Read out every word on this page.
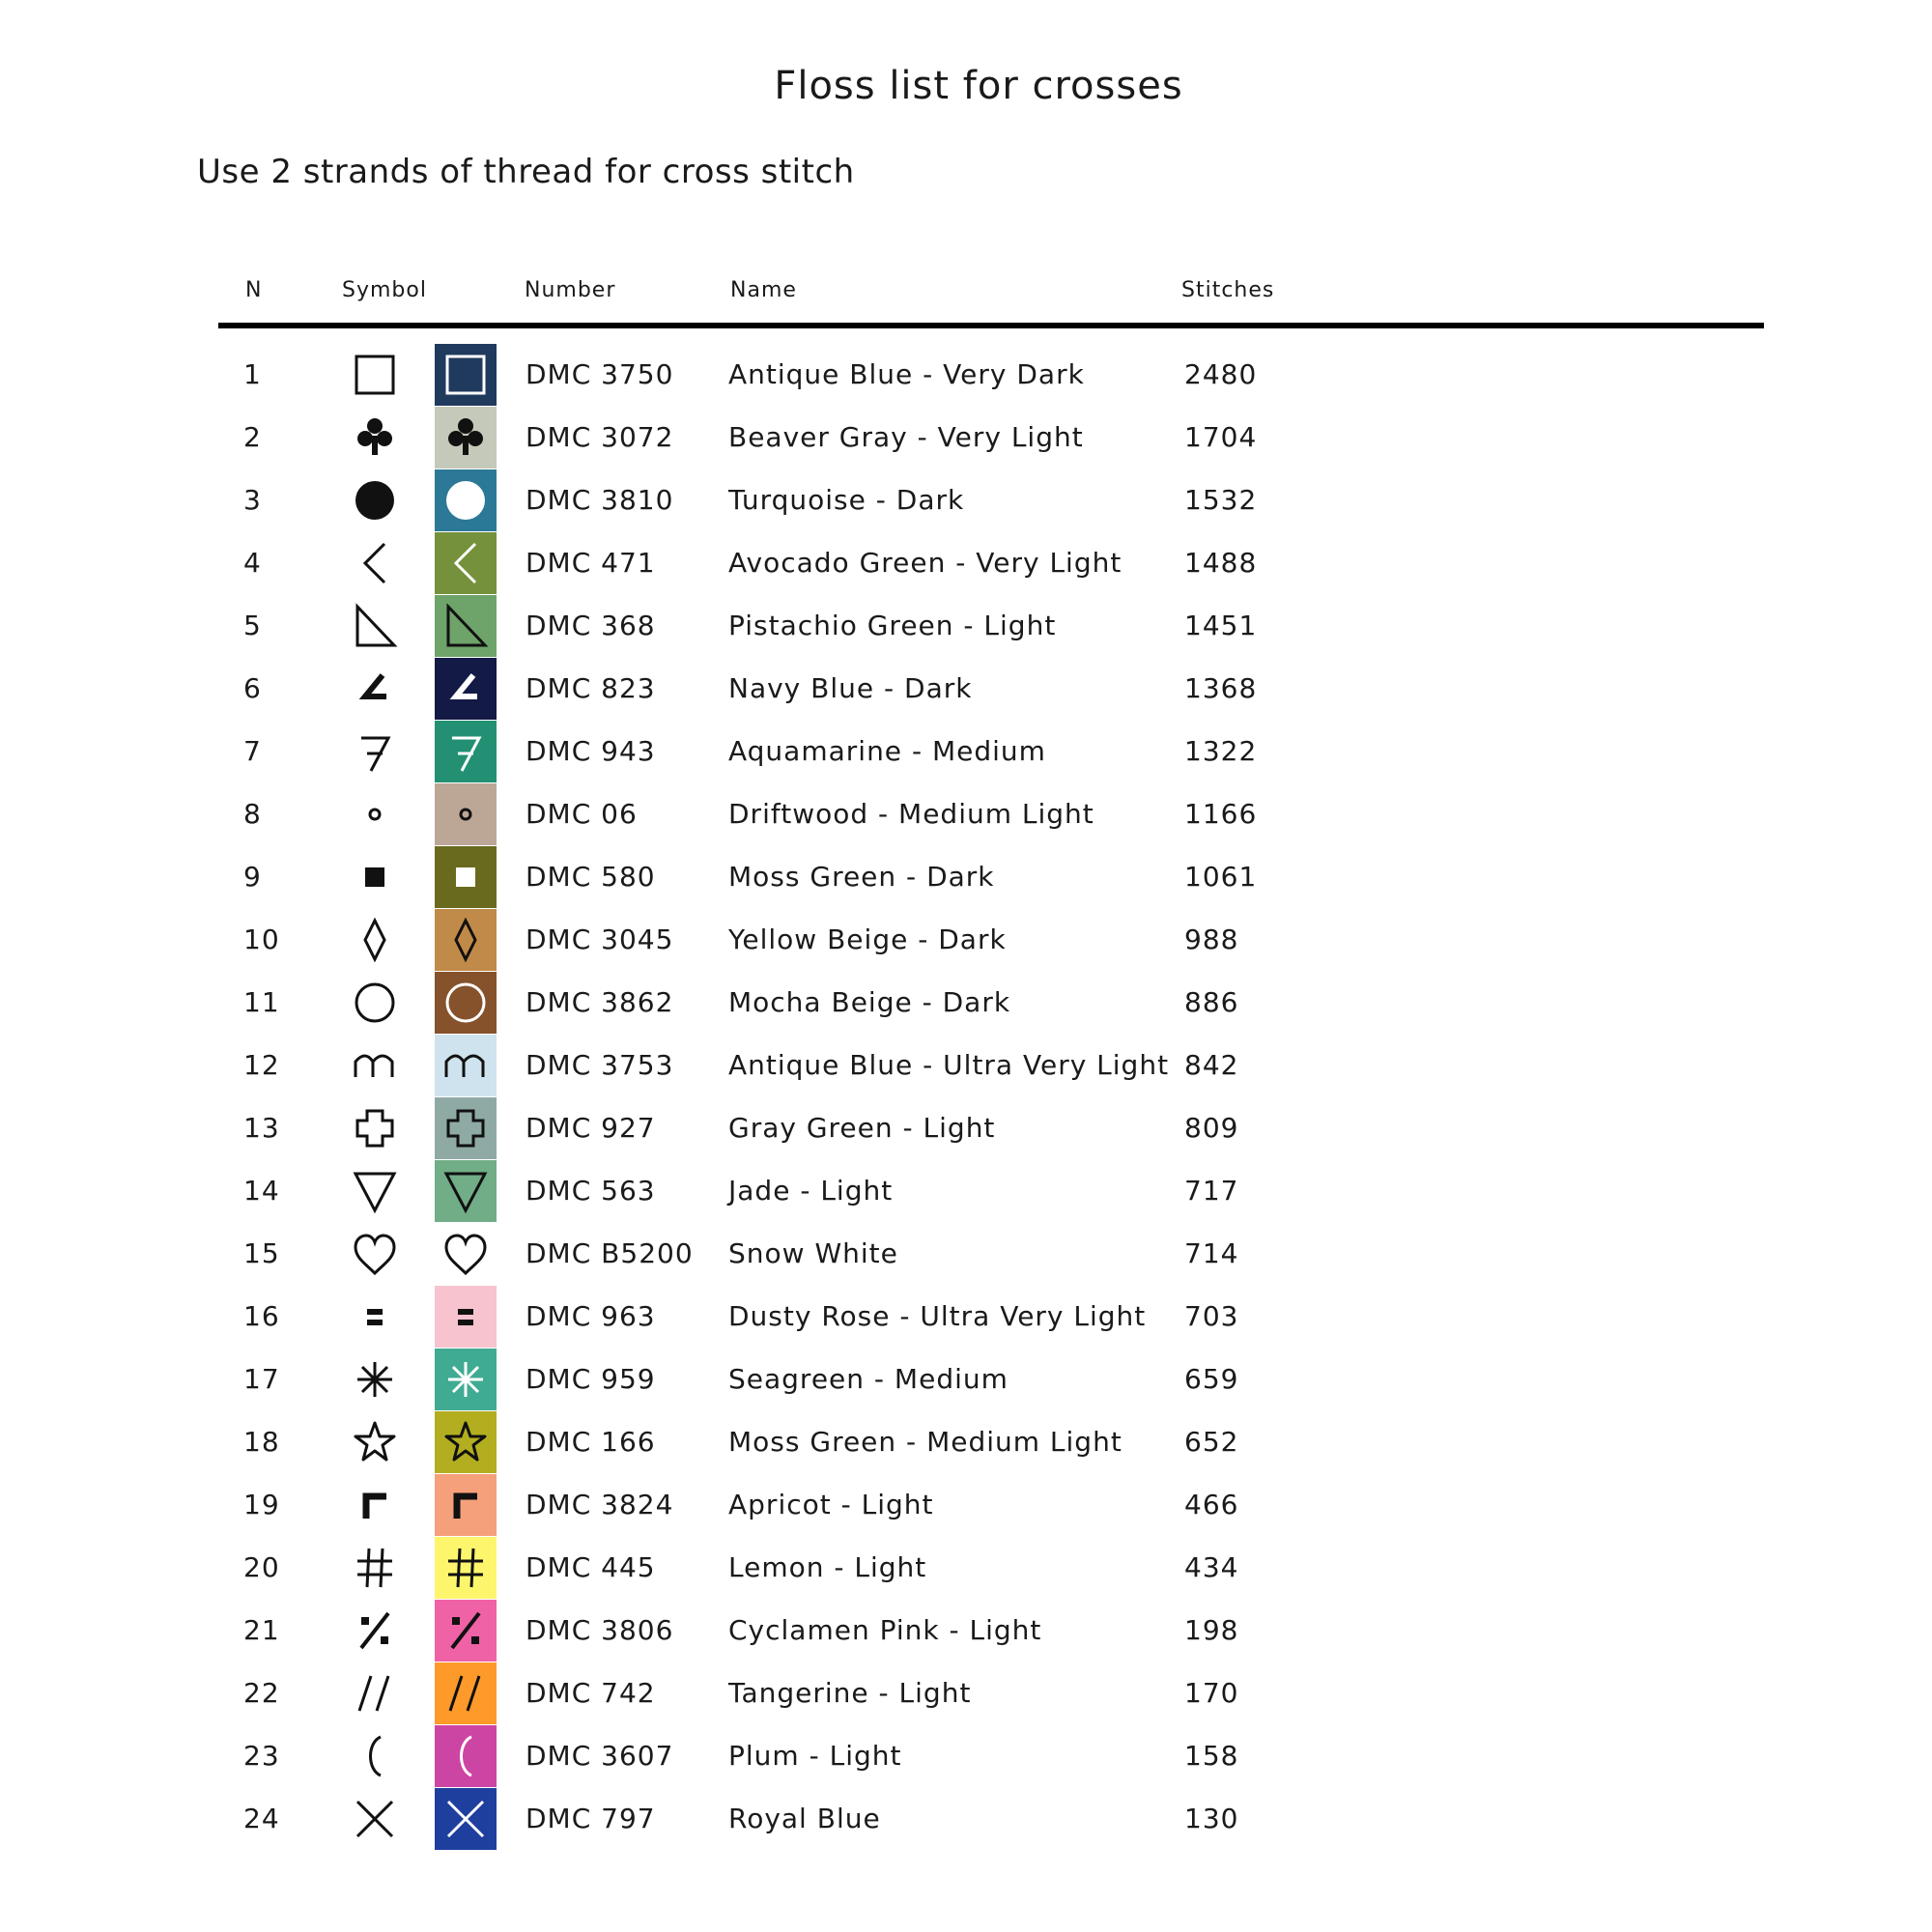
Floss list for crosses
Use 2 strands of thread for cross stitch
N	Symbol	Number	Name	Stitches
1	DMC 3750 Antique Blue - Very Dark	2480
2	DMC 3072 Beaver Gray - Very Light	1704
3	DMC 3810 Turquoise - Dark	1532
4	DMC 471	Avocado Green - Very Light 1488
5	DMC 368	Pistachio Green - Light	1451
6	DMC 823	Navy Blue - Dark	1368
7	DMC 943	Aquamarine - Medium	1322
8	DMC 06	Driftwood - Medium Light	1166
9	DMC 580	Moss Green - Dark	1061
10	DMC 3045 Yellow Beige - Dark	988
11	DMC 3862 Mocha Beige - Dark	886
12	DMC 3753 Antique Blue - Ultra Very Light 842
13	DMC 927	Gray Green - Light	809
14	DMC 563	Jade - Light	717
15	DMC B5200 Snow White	714
16	DMC 963	Dusty Rose - Ultra Very Light 703
17	DMC 959	Seagreen - Medium	659
18	DMC 166	Moss Green - Medium Light 652
19	DMC 3824 Apricot - Light	466
20	DMC 445	Lemon - Light	434
21	DMC 3806 Cyclamen Pink - Light	198
22	DMC 742	Tangerine - Light	170
23	DMC 3607 Plum - Light	158
24	DMC 797	Royal Blue	130
